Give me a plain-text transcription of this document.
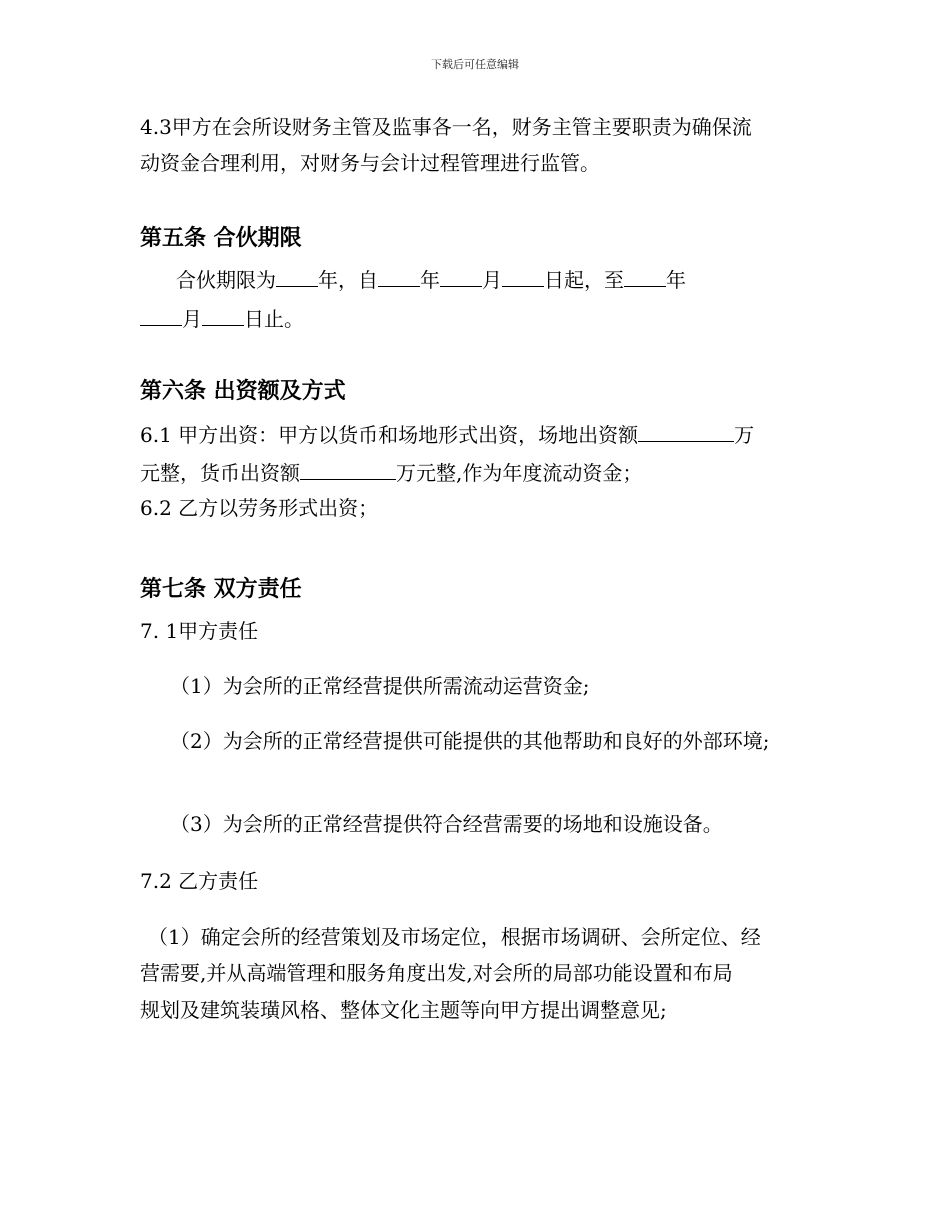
下载后可任意编辑
4.3甲方在会所设财务主管及监事各一名，财务主管主要职责为确保流
动资金合理利用，对财务与会计过程管理进行监管。
第五条 合伙期限
合伙期限为 年，自 年 月 日起，至 年
月 日止。
第六条 出资额及方式
6.1 甲方出资：甲方以货币和场地形式出资，场地出资额	万
元整，货币出资额	万元整,作为年度流动资金；
6.2 乙方以劳务形式出资；
第七条 双方责任
7. 1甲方责任
（1）为会所的正常经营提供所需流动运营资金;
（2）为会所的正常经营提供可能提供的其他帮助和良好的外部环境;
（3）为会所的正常经营提供符合经营需要的场地和设施设备。
7.2 乙方责任
（1）确定会所的经营策划及市场定位，根据市场调研、会所定位、经
营需要,并从高端管理和服务角度出发,对会所的局部功能设置和布局
规划及建筑装璜风格、整体文化主题等向甲方提出调整意见;
